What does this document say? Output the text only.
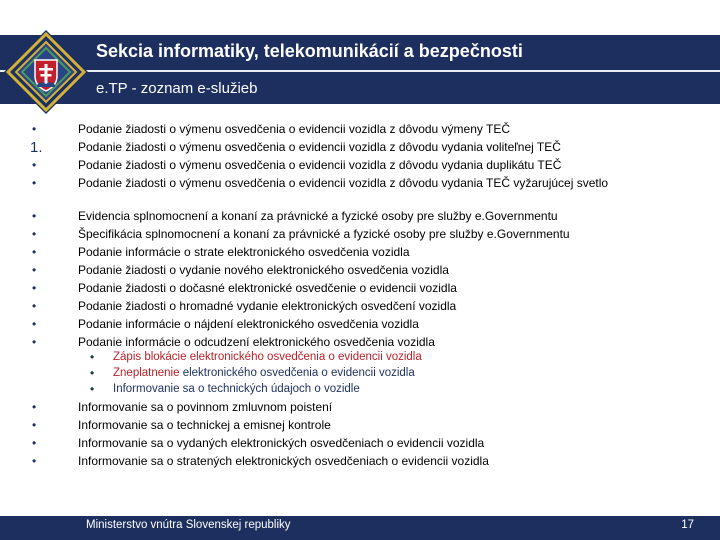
Sekcia informatiky, telekomunikácií a bezpečnosti
e.TP - zoznam e-služieb
•	Podanie žiadosti o výmenu osvedčenia o evidencii vozidla z dôvodu výmeny TEČ
1.	Podanie žiadosti o výmenu osvedčenia o evidencii vozidla z dôvodu vydania voliteľnej TEČ
•	Podanie žiadosti o výmenu osvedčenia o evidencii vozidla z dôvodu vydania duplikátu TEČ
•	Podanie žiadosti o výmenu osvedčenia o evidencii vozidla z dôvodu vydania TEČ vyžarujúcej svetlo
•	Evidencia splnomocnení a konaní za právnické a fyzické osoby pre služby e.Governmentu
•	Špecifikácia splnomocnení a konaní za právnické a fyzické osoby pre služby e.Governmentu
•	Podanie informácie o strate elektronického osvedčenia vozidla
•	Podanie žiadosti o vydanie nového elektronického osvedčenia vozidla
•	Podanie žiadosti o dočasné elektronické osvedčenie o evidencii vozidla
•	Podanie žiadosti o hromadné vydanie elektronických osvedčení vozidla
•	Podanie informácie o nájdení elektronického osvedčenia vozidla
•	Podanie informácie o odcudzení elektronického osvedčenia vozidla
• Zápis blokácie elektronického osvedčenia o evidencii vozidla
• Zneplatnenie elektronického osvedčenia o evidencii vozidla
• Informovanie sa o technických údajoch o vozidle
•	Informovanie sa o povinnom zmluvnom poistení
•	Informovanie sa o technickej a emisnej kontrole
•	Informovanie sa o vydaných elektronických osvedčeniach o evidencii vozidla
•	Informovanie sa o stratených elektronických osvedčeniach o evidencii vozidla
Ministerstvo vnútra Slovenskej republiky	17
